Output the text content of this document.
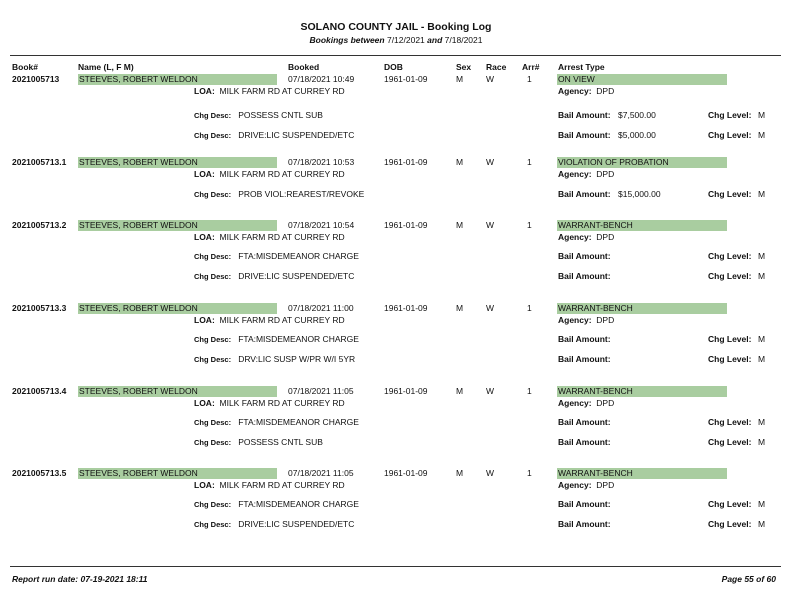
SOLANO COUNTY JAIL - Booking Log
Bookings between 7/12/2021 and 7/18/2021
Book#	Name (L, F M)	Booked	DOB	Sex Race Arr# Arrest Type
2021005713 STEEVES, ROBERT WELDON	07/18/2021 10:49	1961-01-09	M	W	1	ON VIEW
LOA: MILK FARM RD AT CURREY RD	Agency: DPD
Chg Desc: POSSESS CNTL SUB	Bail Amount: $7,500.00	Chg Level: M
Chg Desc: DRIVE:LIC SUSPENDED/ETC	Bail Amount: $5,000.00	Chg Level: M
2021005713.1 STEEVES, ROBERT WELDON	07/18/2021 10:53	1961-01-09	M	W	1	VIOLATION OF PROBATION
LOA: MILK FARM RD AT CURREY RD	Agency: DPD
Chg Desc: PROB VIOL:REAREST/REVOKE	Bail Amount: $15,000.00	Chg Level: M
2021005713.2 STEEVES, ROBERT WELDON	07/18/2021 10:54	1961-01-09	M	W	1	WARRANT-BENCH
LOA: MILK FARM RD AT CURREY RD	Agency: DPD
Chg Desc: FTA:MISDEMEANOR CHARGE	Bail Amount:	Chg Level: M
Chg Desc: DRIVE:LIC SUSPENDED/ETC	Bail Amount:	Chg Level: M
2021005713.3 STEEVES, ROBERT WELDON	07/18/2021 11:00	1961-01-09	M	W	1	WARRANT-BENCH
LOA: MILK FARM RD AT CURREY RD	Agency: DPD
Chg Desc: FTA:MISDEMEANOR CHARGE	Bail Amount:	Chg Level: M
Chg Desc: DRV:LIC SUSP W/PR W/I 5YR	Bail Amount:	Chg Level: M
2021005713.4 STEEVES, ROBERT WELDON	07/18/2021 11:05	1961-01-09	M	W	1	WARRANT-BENCH
LOA: MILK FARM RD AT CURREY RD	Agency: DPD
Chg Desc: FTA:MISDEMEANOR CHARGE	Bail Amount:	Chg Level: M
Chg Desc: POSSESS CNTL SUB	Bail Amount:	Chg Level: M
2021005713.5 STEEVES, ROBERT WELDON	07/18/2021 11:05	1961-01-09	M	W	1	WARRANT-BENCH
LOA: MILK FARM RD AT CURREY RD	Agency: DPD
Chg Desc: FTA:MISDEMEANOR CHARGE	Bail Amount:	Chg Level: M
Chg Desc: DRIVE:LIC SUSPENDED/ETC	Bail Amount:	Chg Level: M
Report run date: 07-19-2021 18:11	Page 55 of 60
